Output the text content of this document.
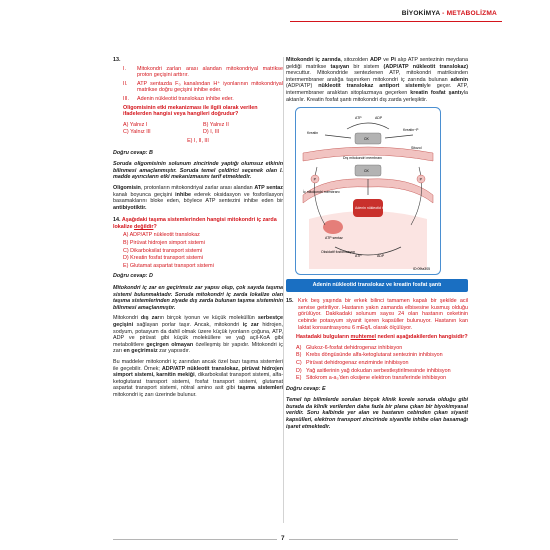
BİYOKİMYA - METABOLİZMA
13.
I.	Mitokondri zarları arası alandan mitokondriyal matrikse proton geçişini arttırır.
II.	ATP sentazda F₀ kanalından H⁺ iyonlarının mitokondriyal matrikse doğru geçişini inhibe eder.
III.	Adenin nükleotid translokazı inhibe eder.
Oligomisinin etki mekanizması ile ilgili olarak verilen ifadelerden hangisi veya hangileri doğrudur?
A) Yalnız I	B) Yalnız II
C) Yalnız III	D) I, III
E) I, II, III
Doğru cevap: B

Soruda oligomisinin solunum zincirinde yaptığı olumsuz etkinin bilinmesi amaçlanmıştır. Soruda temel çeldirici seçenek olan I. madde ayırıcıların etki mekanizmasını tarif etmektedir.

Oligomisin, protonların mitokondriyal zarlar arası alandan ATP sentaz kanalı boyunca geçişini inhibe ederek oksidasyon ve fosforilasyon basamaklarını bloke eden, böylece ATP sentezini inhibe eden bir antibiyotiktir.

14. Aşağıdaki taşıma sistemlerinden hangisi mitokondri iç zarda lokalize değildir?
A) ADP/ATP nükleotit translokaz
B) Pirüvat hidrojen simport sistemi
C) Dikarboksilat transport sistemi
D) Kreatin fosfat transport sistemi
E) Glutamat aspartat transport sistemi
Doğru cevap: D

Mitokondri iç zar en geçirimsiz zar yapısı olup, çok sayıda taşıma sistemi bulunmaktadır. Soruda mitokondri iç zarda lokalize olan taşıma sistemlerinden ziyade dış zarda bulunan taşıma sisteminin bilinmesi amaçlanmıştır.

Mitokondri dış zarın birçok iyonun ve küçük moleküllün serbestçe geçişini sağlayan porlar taşır. Ancak, mitokondri iç zar hidrojen, sodyum, potasyum da dahil olmak üzere küçük iyonların çoğuna, ATP, ADP ve pirüvat gibi küçük moleküllere ve yağ açil-KoA gibi metabolitlere geçirgen olmayan özelleşmiş bir yapıdır. Mitokondri iç zarı en geçirimsiz zar yapısıdır.

Bu maddeler mitokondri iç zarından ancak özel bazı taşıma sistemleri ile geçebilir. Örnek; ADP/ATP nükleotit translokaz, pirüvat hidrojen simport sistemi, karnitin mekiği, dikarboksilat transport sistemi, alfa-ketoglutarat transport sistemi, fosfat transport sistemi, glutamat aspartat transport sistemi, nötral amino asit gibi taşıma sistemleri mitokondri iç zarı üzerinde bulunur.

Mitokondri iç zarında, sitozolden ADP ve Pi alıp ATP sentezinin meydana geldiği matrikse taşıyan bir sistem (ADP/ATP nükleotit translokaz) mevcuttur. Mitokondride sentezlenen ATP, mitokondri matriksinden intermembraner aralığa taşınırken mitokondri iç zarında bulunan adenin (ADP/ATP) nükleotit translokaz antiport sistemiyle geçer. ATP, intermembraner aralıktan sitoplazmaya geçerken kreatin fosfat şantıyla aktarılır. Kreatin fosfat şantı mitokondri dış zarda yerleşiktir.

ATP	ADP
Kreatin
Kreatin~P
CK
CK
Sitozol
Dış mitokondri membranı
İç mitokondri membranı
Adenin nükleotid translokaz
ATP sentaz
Oksidatif fosforilasyon
ATP	ADP
P	P
ID:09ta305
Adenin nükleotid translokaz ve kreatin fosfat şantı
15. Kırk beş yaşında bir erkek bilinci tamamen kapalı bir şekilde acil servise getiriliyor. Hastanın yakın zamanda elbisesine kusmuş olduğu görülüyor. Dakikadaki solunum sayısı 24 olan hastanın ceketinin cebinde potasyum siyanit içeren kapsüller bulunuyor. Hastanın kan laktat konsantrasyonu 6 mEq/L olarak ölçülüyor.
Hastadaki bulguların muhtemel nedeni aşağıdakilerden hangisidir?
A) Glukoz-6-fosfat dehidrogenaz inhibisyon
B) Krebs döngüsünde alfa-ketoglutarat sentezinin inhibisyon
C) Pirüvat dehidrogenaz enziminde inhibisyon
D) Yağ asitlerinin yağ dokudan serbestleştirilmesinde inhibisyon
E) Sitokrom a-a₃'den oksijene elektron transferinde inhibisyon
Doğru cevap: E

Temel tıp bilimlerde sorulan birçok klinik korele soruda olduğu gibi burada da klinik verilerden daha fazla bir plana çıkan bir biyokimyasal veridir. Soru kalbinde yer alan ve hastanın cebinden çıkan siyanit kapsülleri, elektron transport zincirinde siyanitle inhibe olan basamağı işaret etmektedir.

7
